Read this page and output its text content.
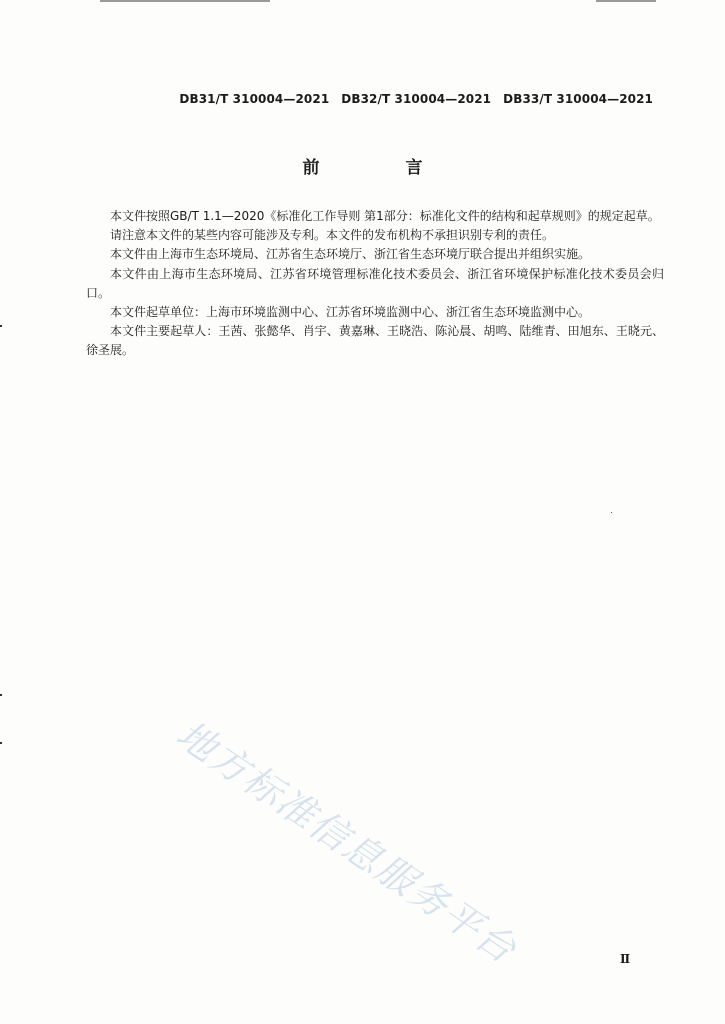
DB31/T 310004—2021 DB32/T 310004—2021 DB33/T 310004—2021
前 言

本文件按照GB/T 1.1—2020《标准化工作导则 第1部分：标准化文件的结构和起草规则》的规定起草。

请注意本文件的某些内容可能涉及专利。本文件的发布机构不承担识别专利的责任。

本文件由上海市生态环境局、江苏省生态环境厅、浙江省生态环境厅联合提出并组织实施。

本文件由上海市生态环境局、江苏省环境管理标准化技术委员会、浙江省环境保护标准化技术委员会归口。

本文件起草单位：上海市环境监测中心、江苏省环境监测中心、浙江省生态环境监测中心。

本文件主要起草人：王茜、张懿华、肖宇、黄嘉琳、王晓浩、陈沁晨、胡鸣、陆维青、田旭东、王晓元、徐圣展。

地方标准信息服务平台	Ⅱ
